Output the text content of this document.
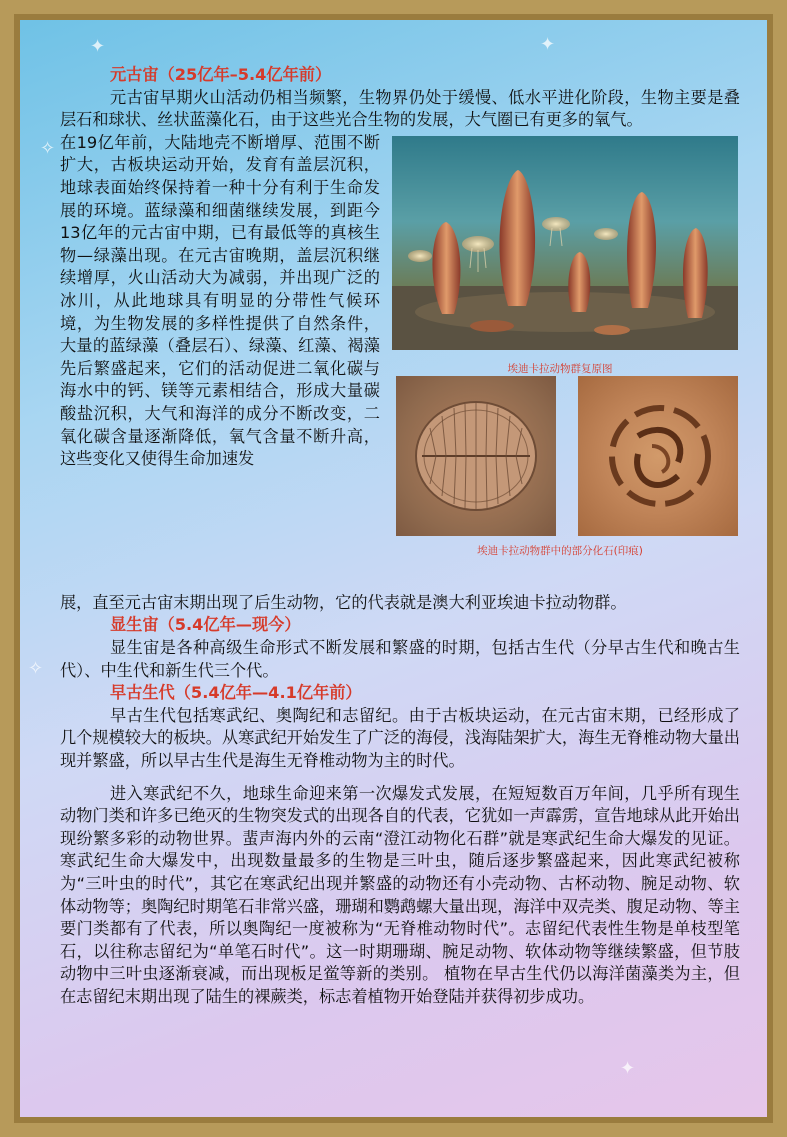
✦	✦
✧
✦
✧
元古宙（25亿年–5.4亿年前）
元古宙早期火山活动仍相当频繁，生物界仍处于缓慢、低水平进化阶段，生物主要是叠层石和球状、丝状蓝藻化石，由于这些光合生物的发展，大气圈已有更多的氧气。
在19亿年前，大陆地壳不断增厚、范围不断扩大，古板块运动开始，发育有盖层沉积，地球表面始终保持着一种十分有利于生命发展的环境。蓝绿藻和细菌继续发展，到距今13亿年的元古宙中期，已有最低等的真核生物—绿藻出现。在元古宙晚期，盖层沉积继续增厚，火山活动大为减弱，并出现广泛的冰川，从此地球具有明显的分带性气候环境，为生物发展的多样性提供了自然条件，大量的蓝绿藻（叠层石）、绿藻、红藻、褐藻先后繁盛起来，它们的活动促进二氧化碳与海水中的钙、镁等元素相结合，形成大量碳酸盐沉积，大气和海洋的成分不断改变，二氧化碳含量逐渐降低，氧气含量不断升高，这些变化又使得生命加速发
埃迪卡拉动物群复原图
埃迪卡拉动物群中的部分化石(印痕)
展，直至元古宙末期出现了后生动物，它的代表就是澳大利亚埃迪卡拉动物群。
显生宙（5.4亿年—现今）
显生宙是各种高级生命形式不断发展和繁盛的时期，包括古生代（分早古生代和晚古生代）、中生代和新生代三个代。
早古生代（5.4亿年—4.1亿年前）
早古生代包括寒武纪、奥陶纪和志留纪。由于古板块运动，在元古宙末期，已经形成了几个规模较大的板块。从寒武纪开始发生了广泛的海侵，浅海陆架扩大，海生无脊椎动物大量出现并繁盛，所以早古生代是海生无脊椎动物为主的时代。
进入寒武纪不久，地球生命迎来第一次爆发式发展，在短短数百万年间，几乎所有现生动物门类和许多已绝灭的生物突发式的出现各自的代表，它犹如一声霹雳，宣告地球从此开始出现纷繁多彩的动物世界。蜚声海内外的云南“澄江动物化石群”就是寒武纪生命大爆发的见证。寒武纪生命大爆发中，出现数量最多的生物是三叶虫，随后逐步繁盛起来，因此寒武纪被称为“三叶虫的时代”，其它在寒武纪出现并繁盛的动物还有小壳动物、古杯动物、腕足动物、软体动物等；奥陶纪时期笔石非常兴盛，珊瑚和鹦鹉螺大量出现，海洋中双壳类、腹足动物、等主要门类都有了代表，所以奥陶纪一度被称为“无脊椎动物时代”。志留纪代表性生物是单枝型笔石，以往称志留纪为“单笔石时代”。这一时期珊瑚、腕足动物、软体动物等继续繁盛，但节肢动物中三叶虫逐渐衰减，而出现板足鲎等新的类别。 植物在早古生代仍以海洋菌藻类为主，但在志留纪末期出现了陆生的裸蕨类，标志着植物开始登陆并获得初步成功。
